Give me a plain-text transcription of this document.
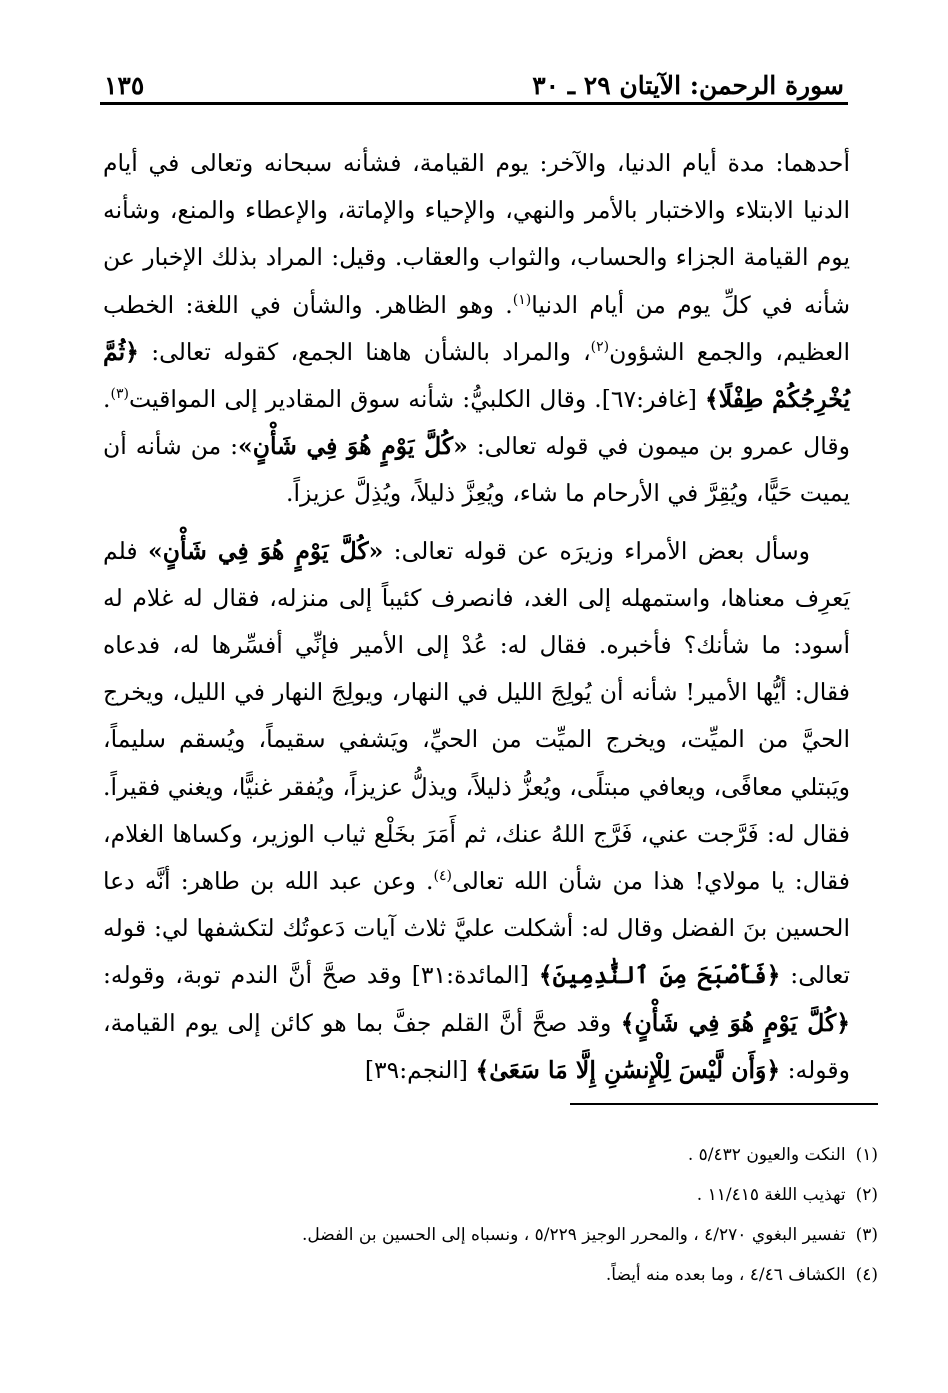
سورة الرحمن: الآيتان ٢٩ ـ ٣٠
١٣٥

أحدهما: مدة أيام الدنيا، والآخر: يوم القيامة، فشأنه سبحانه وتعالى في أيام الدنيا الابتلاء والاختبار بالأمر والنهي، والإحياء والإماتة، والإعطاء والمنع، وشأنه يوم القيامة الجزاء والحساب، والثواب والعقاب. وقيل: المراد بذلك الإخبار عن شأنه في كلِّ يوم من أيام الدنيا$^{(١)}$. وهو الظاهر. والشأن في اللغة: الخطب العظيم، والجمع الشؤون$^{(٢)}$، والمراد بالشأن هاهنا الجمع، كقوله تعالى: ﴿ثُمَّ يُخْرِجُكُمْ طِفْلًا﴾ [غافر:٦٧]. وقال الكلبيُّ: شأنه سوق المقادير إلى المواقيت$^{(٣)}$. وقال عمرو بن ميمون في قوله تعالى: «كُلَّ يَوْمٍ هُوَ فِي شَأْنٍ»: من شأنه أن يميت حَيًّا، ويُقِرَّ في الأرحام ما شاء، ويُعِزَّ ذليلاً، ويُذِلَّ عزيزاً.

وسأل بعض الأمراء وزيرَه عن قوله تعالى: «كُلَّ يَوْمٍ هُوَ فِي شَأْنٍ» فلم يَعرِف معناها، واستمهله إلى الغد، فانصرف كئيباً إلى منزله، فقال له غلام له أسود: ما شأنك؟ فأخبره. فقال له: عُدْ إلى الأمير فإنِّي أفسِّرها له، فدعاه فقال: أيُّها الأمير! شأنه أن يُولِجَ الليل في النهار، ويولِجَ النهار في الليل، ويخرج الحيَّ من الميِّت، ويخرج الميِّت من الحيِّ، ويَشفي سقيماً، ويُسقم سليماً، ويَبتلي معافًى، ويعافي مبتلًى، ويُعزُّ ذليلاً، ويذلُّ عزيزاً، ويُفقر غنيًّا، ويغني فقيراً. فقال له: فَرَّجت عني، فَرَّج اللهُ عنك، ثم أَمَرَ بخَلْع ثياب الوزير، وكساها الغلام، فقال: يا مولاي! هذا من شأن الله تعالى$^{(٤)}$. وعن عبد الله بن طاهر: أنَّه دعا الحسين بنَ الفضل وقال له: أشكلت عليَّ ثلاث آيات دَعوتُك لتكشفها لي: قوله تعالى: ﴿فَأَصْبَحَ مِنَ ٱلنَّٰدِمِينَ﴾ [المائدة:٣١] وقد صحَّ أنَّ الندم توبة، وقوله: ﴿كُلَّ يَوْمٍ هُوَ فِي شَأْنٍ﴾ وقد صحَّ أنَّ القلم جفَّ بما هو كائن إلى يوم القيامة، وقوله: ﴿وَأَن لَّيْسَ لِلْإِنسَٰنِ إِلَّا مَا سَعَىٰ﴾ [النجم:٣٩]

(١)النكت والعيون ٥/٤٣٢ .
(٢)تهذيب اللغة ١١/٤١٥ .
(٣)تفسير البغوي ٤/٢٧٠ ، والمحرر الوجيز ٥/٢٢٩ ، ونسباه إلى الحسين بن الفضل.
(٤)الكشاف ٤/٤٦ ، وما بعده منه أيضاً.
